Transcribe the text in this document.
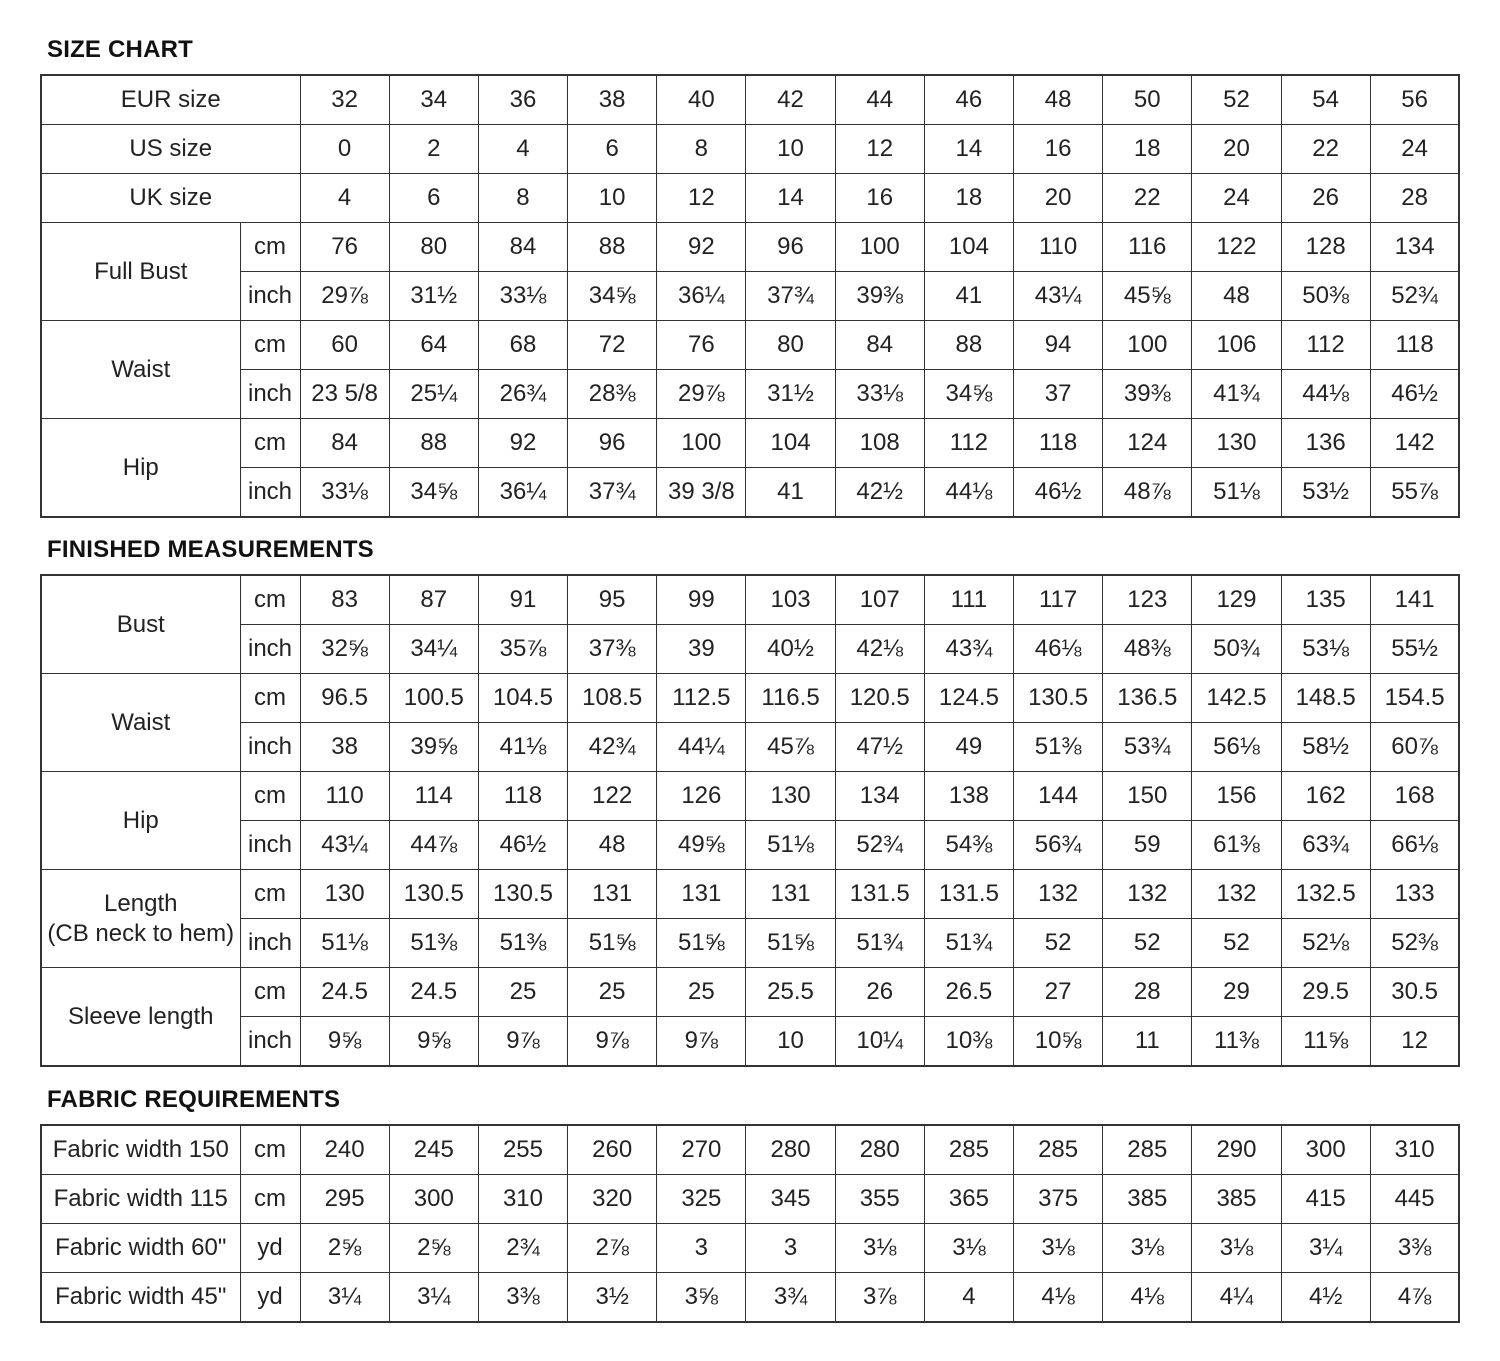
SIZE CHART
EUR size		32	34	36	38	40	42	44	46	48	50	52	54	56
US size		0	2	4	6	8	10	12	14	16	18	20	22	24
UK size		4	6	8	10	12	14	16	18	20	22	24	26	28
Full Bust	cm	76	80	84	88	92	96	100	104	110	116	122	128	134
	inch	29⅞	31½	33⅛	34⅝	36¼	37¾	39⅜	41	43¼	45⅝	48	50⅜	52¾
Waist	cm	60	64	68	72	76	80	84	88	94	100	106	112	118
	inch	23 5/8	25¼	26¾	28⅜	29⅞	31½	33⅛	34⅝	37	39⅜	41¾	44⅛	46½
Hip	cm	84	88	92	96	100	104	108	112	118	124	130	136	142
	inch	33⅛	34⅝	36¼	37¾	39 3/8	41	42½	44⅛	46½	48⅞	51⅛	53½	55⅞
FINISHED MEASUREMENTS
Bust	cm	83	87	91	95	99	103	107	111	117	123	129	135	141
	inch	32⅝	34¼	35⅞	37⅜	39	40½	42⅛	43¾	46⅛	48⅜	50¾	53⅛	55½

Waist	cm	96.5	100.5	104.5	108.5	112.5	116.5	120.5	124.5	130.5	136.5	142.5	148.5	154.5
	inch	38	39⅝	41⅛	42¾	44¼	45⅞	47½	49	51⅜	53¾	56⅛	58½	60⅞

Hip	cm	110	114	118	122	126	130	134	138	144	150	156	162	168
	inch	43¼	44⅞	46½	48	49⅝	51⅛	52¾	54⅜	56¾	59	61⅜	63¾	66⅛

Length
(CB neck to hem)	cm	130	130.5	130.5	131	131	131	131.5	131.5	132	132	132	132.5	133
	inch	51⅛	51⅜	51⅜	51⅝	51⅝	51⅝	51¾	51¾	52	52	52	52⅛	52⅜

Sleeve length	cm	24.5	24.5	25	25	25	25.5	26	26.5	27	28	29	29.5	30.5
	inch	9⅝	9⅝	9⅞	9⅞	9⅞	10	10¼	10⅜	10⅝	11	11⅜	11⅝	12
FABRIC REQUIREMENTS
Fabric width 150	cm	240	245	255	260	270	280	280	285	285	285	290	300	310
Fabric width 115	cm	295	300	310	320	325	345	355	365	375	385	385	415	445
Fabric width 60"	yd	2⅝	2⅝	2¾	2⅞	3	3	3⅛	3⅛	3⅛	3⅛	3⅛	3¼	3⅜
Fabric width 45"	yd	3¼	3¼	3⅜	3½	3⅝	3¾	3⅞	4	4⅛	4⅛	4¼	4½	4⅞
